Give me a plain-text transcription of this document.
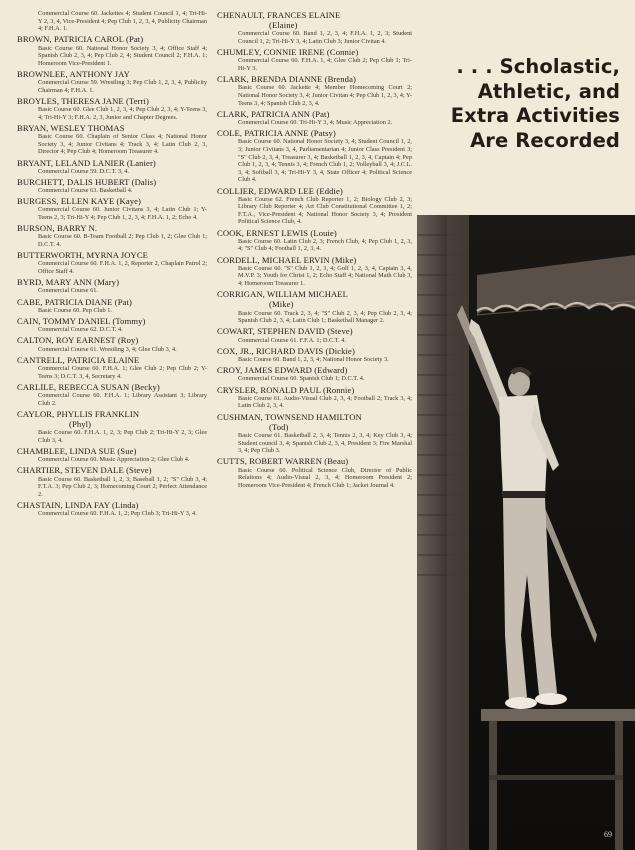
Commercial Course 60. Jackettes 4; Student Council 1, 4; Tri-Hi-Y 2, 3, 4, Vice-President 4; Pep Club 1, 2, 3, 4, Publicity Chairman 4; F.H.A. 1.
BROWN, PATRICIA CAROL (Pat)
Basic Course 60. National Honor Society 3, 4; Office Staff 4; Spanish Club 2, 3, 4; Pep Club 2, 4; Student Council 2; F.H.A. 1; Homeroom Vice-President 1.
BROWNLEE, ANTHONY JAY
Commercial Course 59. Wrestling 3; Pep Club 1, 2, 3, 4, Publicity Chairman 4; F.H.A. 1.
BROYLES, THERESA JANE (Terri)
Basic Course 60. Glee Club 1, 2, 3, 4; Pep Club 2, 3, 4; Y-Teens 3, 4; Tri-Hi-Y 3; F.H.A. 2, 3, Junior and Chapter Degrees.
BRYAN, WESLEY THOMAS
Basic Course 60. Chaplain of Senior Class 4; National Honor Society 3, 4; Junior Civitans 4; Track 3, 4; Latin Club 2, 3, Director 4; Pep Club 4; Homeroom Treasurer 4.
BRYANT, LELAND LANIER (Lanier)
Commercial Course 59. D.C.T. 3, 4.
BURCHETT, DALIS HUBERT (Dalis)
Commercial Course 63. Basketball 4.
BURGESS, ELLEN KAYE (Kaye)
Commercial Course 60. Junior Civitans 3, 4; Latin Club 1; Y-Teens 2, 3; Tri-Hi-Y 4; Pep Club 1, 2, 3, 4; F.H.A. 1, 2; Echo 4.
BURSON, BARRY N.
Basic Course 60. B-Team Football 2; Pep Club 1, 2; Glee Club 1; D.C.T. 4.
BUTTERWORTH, MYRNA JOYCE
Commercial Course 60. F.H.A. 1, 2, Reporter 2, Chaplain Patrol 2; Office Staff 4.
BYRD, MARY ANN (Mary)
Commercial Course 61.
CABE, PATRICIA DIANE (Pat)
Basic Course 60. Pep Club 1.
CAIN, TOMMY DANIEL (Tommy)
Commercial Course 62. D.C.T. 4.
CALTON, ROY EARNEST (Roy)
Commercial Course 61. Wrestling 3, 4; Glee Club 3, 4.
CANTRELL, PATRICIA ELAINE
Commercial Course 60. F.H.A. 1; Glee Club 2; Pep Club 2; Y-Teens 3; D.C.T. 3, 4, Secretary 4.
CARLILE, REBECCA SUSAN (Becky)
Commercial Course 60. F.H.A. 1; Library Assistant 3; Library Club 2.
CAYLOR, PHYLLIS FRANKLIN
(Phyl)
Basic Course 60. F.H.A. 1, 2, 3; Pep Club 2; Tri-Hi-Y 2, 3; Glee Club 3, 4.
CHAMBLEE, LINDA SUE (Sue)
Commercial Course 60. Music Appreciation 2; Glee Club 4.
CHARTIER, STEVEN DALE (Steve)
Basic Course 60. Basketball 1, 2, 3; Baseball 1, 2; "S" Club 3, 4; F.T.A. 3; Pep Club 2, 3; Homecoming Court 2; Perfect Attendance 2.
CHASTAIN, LINDA FAY (Linda)
Commercial Course 60. F.H.A. 1, 2; Pep Club 3; Tri-Hi-Y 3, 4.
CHENAULT, FRANCES ELAINE
(Elaine)
Commercial Course 60. Band 1, 2, 3, 4; F.H.A. 1, 2, 3; Student Council 1, 2; Tri-Hi-Y 3, 4; Latin Club 3; Junior Civitan 4.
CHUMLEY, CONNIE IRENE (Connie)
Commercial Course 60. F.H.A. 1, 4; Glee Club 2; Pep Club 1; Tri-Hi-Y 3.
CLARK, BRENDA DIANNE (Brenda)
Basic Course 60. Jackette 4; Member Homecoming Court 2; National Honor Society 3, 4; Junior Civitan 4; Pep Club 1, 2, 3, 4; Y-Teens 3, 4; Spanish Club 2, 3, 4.
CLARK, PATRICIA ANN (Pat)
Commercial Course 60. Tri-Hi-Y 3, 4; Music Appreciation 2.
COLE, PATRICIA ANNE (Patsy)
Basic Course 60. National Honor Society 3, 4; Student Council 1, 2, 3; Junior Civitans 3, 4, Parliamentarian 4; Junior Class President 3; "S" Club 2, 3, 4, Treasurer 3, 4; Basketball 1, 2, 3, 4, Captain 4; Pep Club 1, 2, 3, 4; Tennis 3, 4; French Club 1, 2; Volleyball 3, 4; J.C.L. 3, 4; Softball 3, 4; Tri-Hi-Y 3, 4, State Officer 4; Political Science Club 4.
COLLIER, EDWARD LEE (Eddie)
Basic Course 62. French Club Reporter 1, 2; Biology Club 2, 3; Library Club Reporter 4; Art Club Constitutional Committee 1, 2; F.T.A., Vice-President 4; National Honor Society 3, 4; President Political Science Club, 4.
COOK, ERNEST LEWIS (Louie)
Basic Course 60. Latin Club 2, 3; French Club, 4; Pep Club 1, 2, 3, 4; "S" Club 4; Football 1, 2, 3, 4.
CORDELL, MICHAEL ERVIN (Mike)
Basic Course 60. "S" Club 1, 2, 3, 4; Golf 1, 2, 3, 4, Captain 3, 4, M.V.P. 3; Youth for Christ 1, 2; Echo Staff 4; National Math Club 3, 4; Homeroom Treasurer 1.
CORRIGAN, WILLIAM MICHAEL
(Mike)
Basic Course 60. Track 2, 3, 4; "S" Club 2, 3, 4; Pep Club 2, 3, 4; Spanish Club 2, 3, 4; Latin Club 1; Basketball Manager 2.
COWART, STEPHEN DAVID (Steve)
Commercial Course 61. F.F.A. 1; D.C.T. 4.
COX, JR., RICHARD DAVIS (Dickie)
Basic Course 60. Band 1, 2, 3, 4; National Honor Society 3.
CROY, JAMES EDWARD (Edward)
Commercial Course 60. Spanish Club 1; D.C.T. 4.
CRYSLER, RONALD PAUL (Ronnie)
Basic Course 61. Audio-Visual Club 2, 3, 4; Football 2; Track 3, 4; Latin Club 2, 3, 4.
CUSHMAN, TOWNSEND HAMILTON
(Tod)
Basic Course 61. Basketball 2, 3, 4; Tennis 2, 3, 4; Key Club 3, 4; Student council 3, 4; Spanish Club 2, 3, 4, President 3; Fire Marshal 3, 4; Pep Club 3.
CUTTS, ROBERT WARREN (Beau)
Basic Course 60. Political Science Club, Director of Public Relations 4; Audio-Visual 2, 3, 4; Homeroom President 2; Homeroom Vice-President 4; French Club 1; Jacket Journal 4.
. . . Scholastic,
Athletic, and
Extra Activities
Are Recorded
69
